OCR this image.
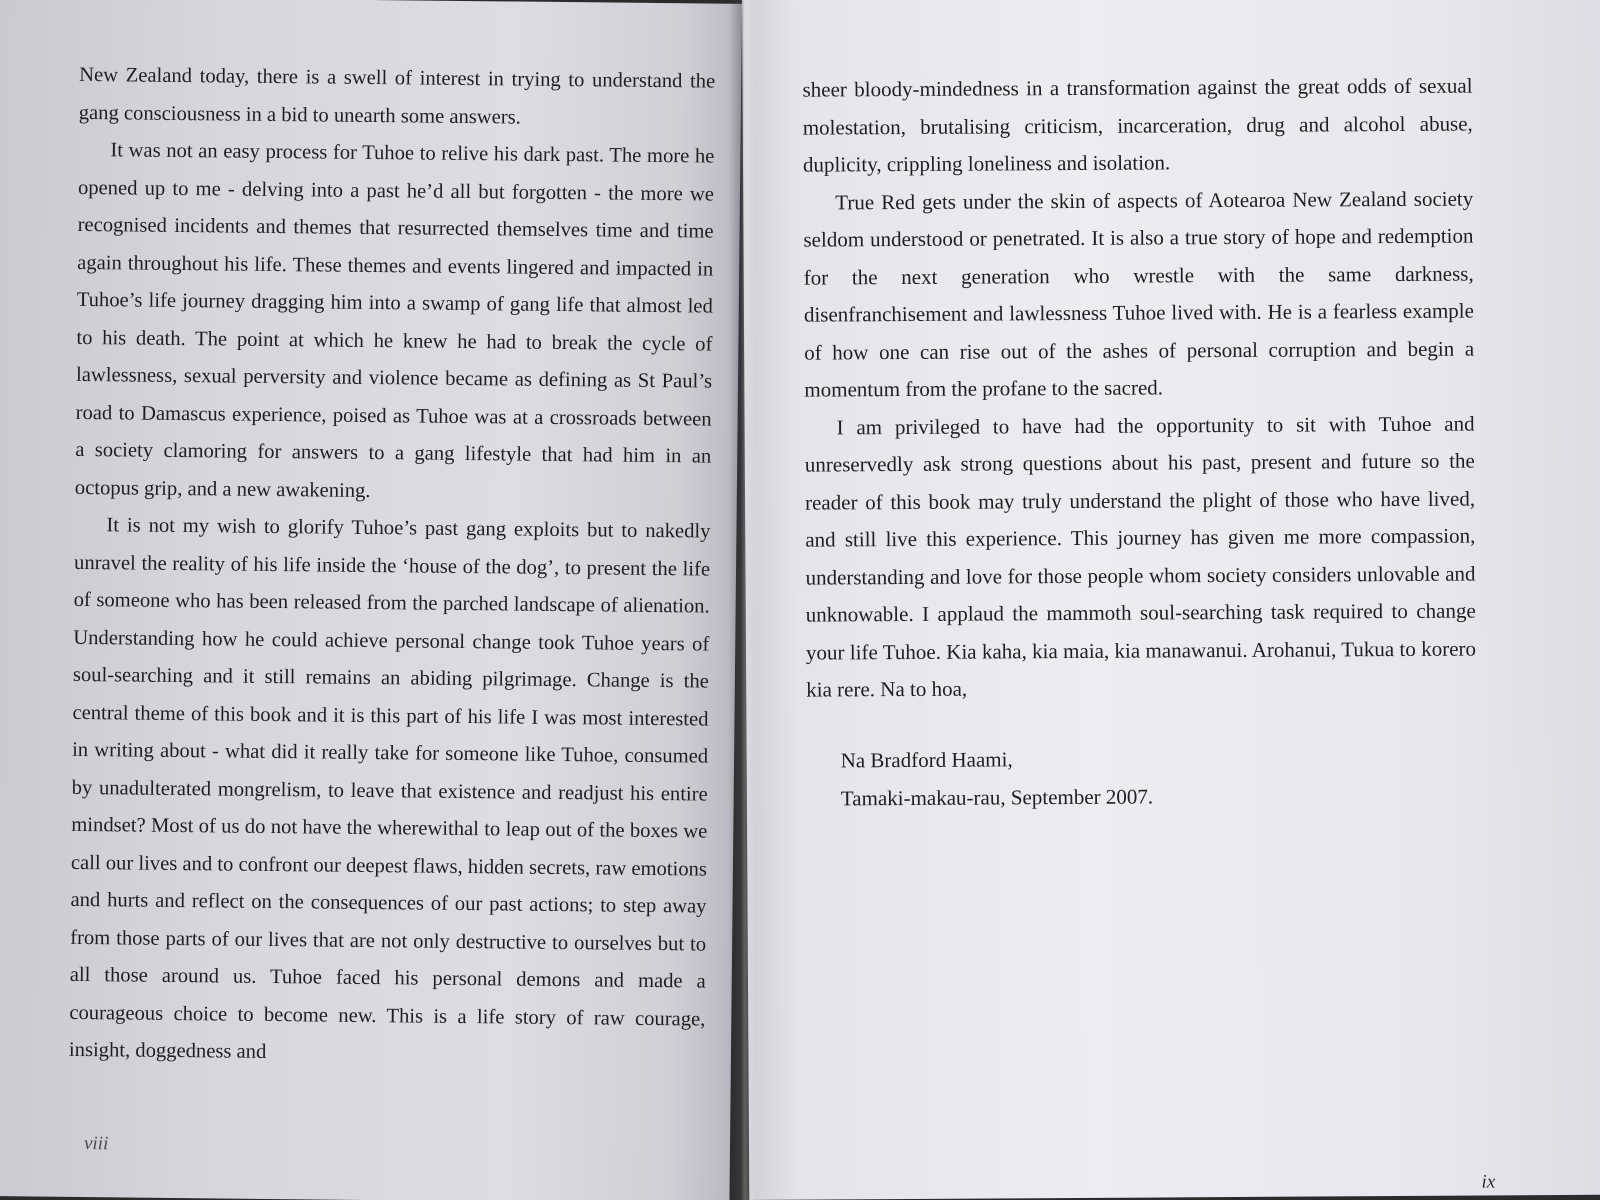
New Zealand today, there is a swell of interest in trying to understand the gang consciousness in a bid to unearth some answers.

It was not an easy process for Tuhoe to relive his dark past. The more he opened up to me - delving into a past he’d all but forgotten - the more we recognised incidents and themes that resurrected themselves time and time again throughout his life. These themes and events lingered and impacted in Tuhoe’s life journey dragging him into a swamp of gang life that almost led to his death. The point at which he knew he had to break the cycle of lawlessness, sexual perversity and violence became as defining as St Paul’s road to Damascus experience, poised as Tuhoe was at a crossroads between a society clamoring for answers to a gang lifestyle that had him in an octopus grip, and a new awakening.

It is not my wish to glorify Tuhoe’s past gang exploits but to nakedly unravel the reality of his life inside the ‘house of the dog’, to present the life of someone who has been released from the parched landscape of alienation. Understanding how he could achieve personal change took Tuhoe years of soul-searching and it still remains an abiding pilgrimage. Change is the central theme of this book and it is this part of his life I was most interested in writing about - what did it really take for someone like Tuhoe, consumed by unadulterated mongrelism, to leave that existence and readjust his entire mindset? Most of us do not have the wherewithal to leap out of the boxes we call our lives and to confront our deepest flaws, hidden secrets, raw emotions and hurts and reflect on the consequences of our past actions; to step away from those parts of our lives that are not only destructive to ourselves but to all those around us. Tuhoe faced his personal demons and made a courageous choice to become new. This is a life story of raw courage, insight, doggedness and

viii

sheer bloody-mindedness in a transformation against the great odds of sexual molestation, brutalising criticism, incarceration, drug and alcohol abuse, duplicity, crippling loneliness and isolation.

True Red gets under the skin of aspects of Aotearoa New Zealand society seldom understood or penetrated. It is also a true story of hope and redemption for the next generation who wrestle with the same darkness, disenfranchisement and lawlessness Tuhoe lived with. He is a fearless example of how one can rise out of the ashes of personal corruption and begin a momentum from the profane to the sacred.

I am privileged to have had the opportunity to sit with Tuhoe and unreservedly ask strong questions about his past, present and future so the reader of this book may truly understand the plight of those who have lived, and still live this experience. This journey has given me more compassion, understanding and love for those people whom society considers unlovable and unknowable. I applaud the mammoth soul-searching task required to change your life Tuhoe. Kia kaha, kia maia, kia manawanui. Arohanui, Tukua to korero kia rere. Na to hoa,

Na Bradford Haami,
Tamaki-makau-rau, September 2007.
ix
